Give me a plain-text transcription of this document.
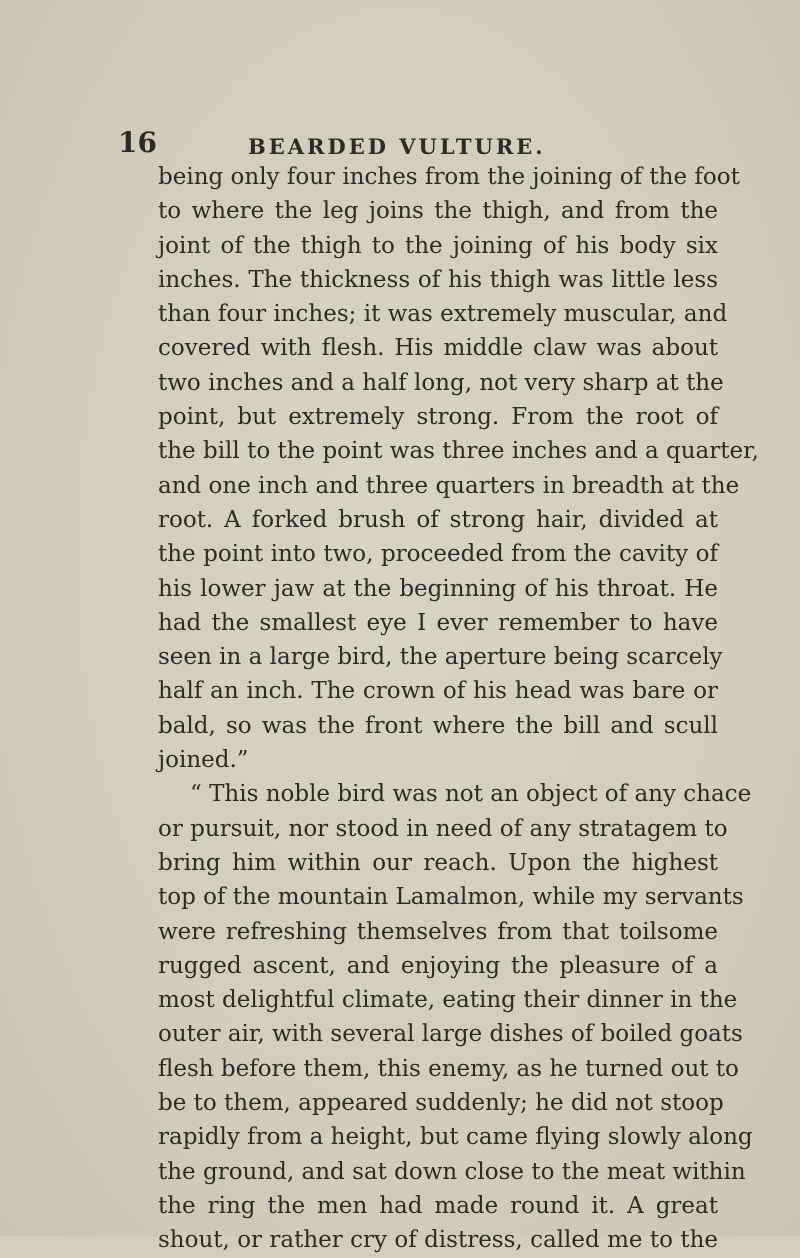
16	BEARDED VULTURE.
being only four inches from the joining of the foot
to where the leg joins the thigh, and from the
joint of the thigh to the joining of his body six
inches. The thickness of his thigh was little less
than four inches; it was extremely muscular, and
covered with flesh. His middle claw was about
two inches and a half long, not very sharp at the
point, but extremely strong. From the root of
the bill to the point was three inches and a quarter,
and one inch and three quarters in breadth at the
root. A forked brush of strong hair, divided at
the point into two, proceeded from the cavity of
his lower jaw at the beginning of his throat. He
had the smallest eye I ever remember to have
seen in a large bird, the aperture being scarcely
half an inch. The crown of his head was bare or
bald, so was the front where the bill and scull
joined.”
“ This noble bird was not an object of any chace
or pursuit, nor stood in need of any stratagem to
bring him within our reach. Upon the highest
top of the mountain Lamalmon, while my servants
were refreshing themselves from that toilsome
rugged ascent, and enjoying the pleasure of a
most delightful climate, eating their dinner in the
outer air, with several large dishes of boiled goats
flesh before them, this enemy, as he turned out to
be to them, appeared suddenly; he did not stoop
rapidly from a height, but came flying slowly along
the ground, and sat down close to the meat within
the ring the men had made round it. A great
shout, or rather cry of distress, called me to the
